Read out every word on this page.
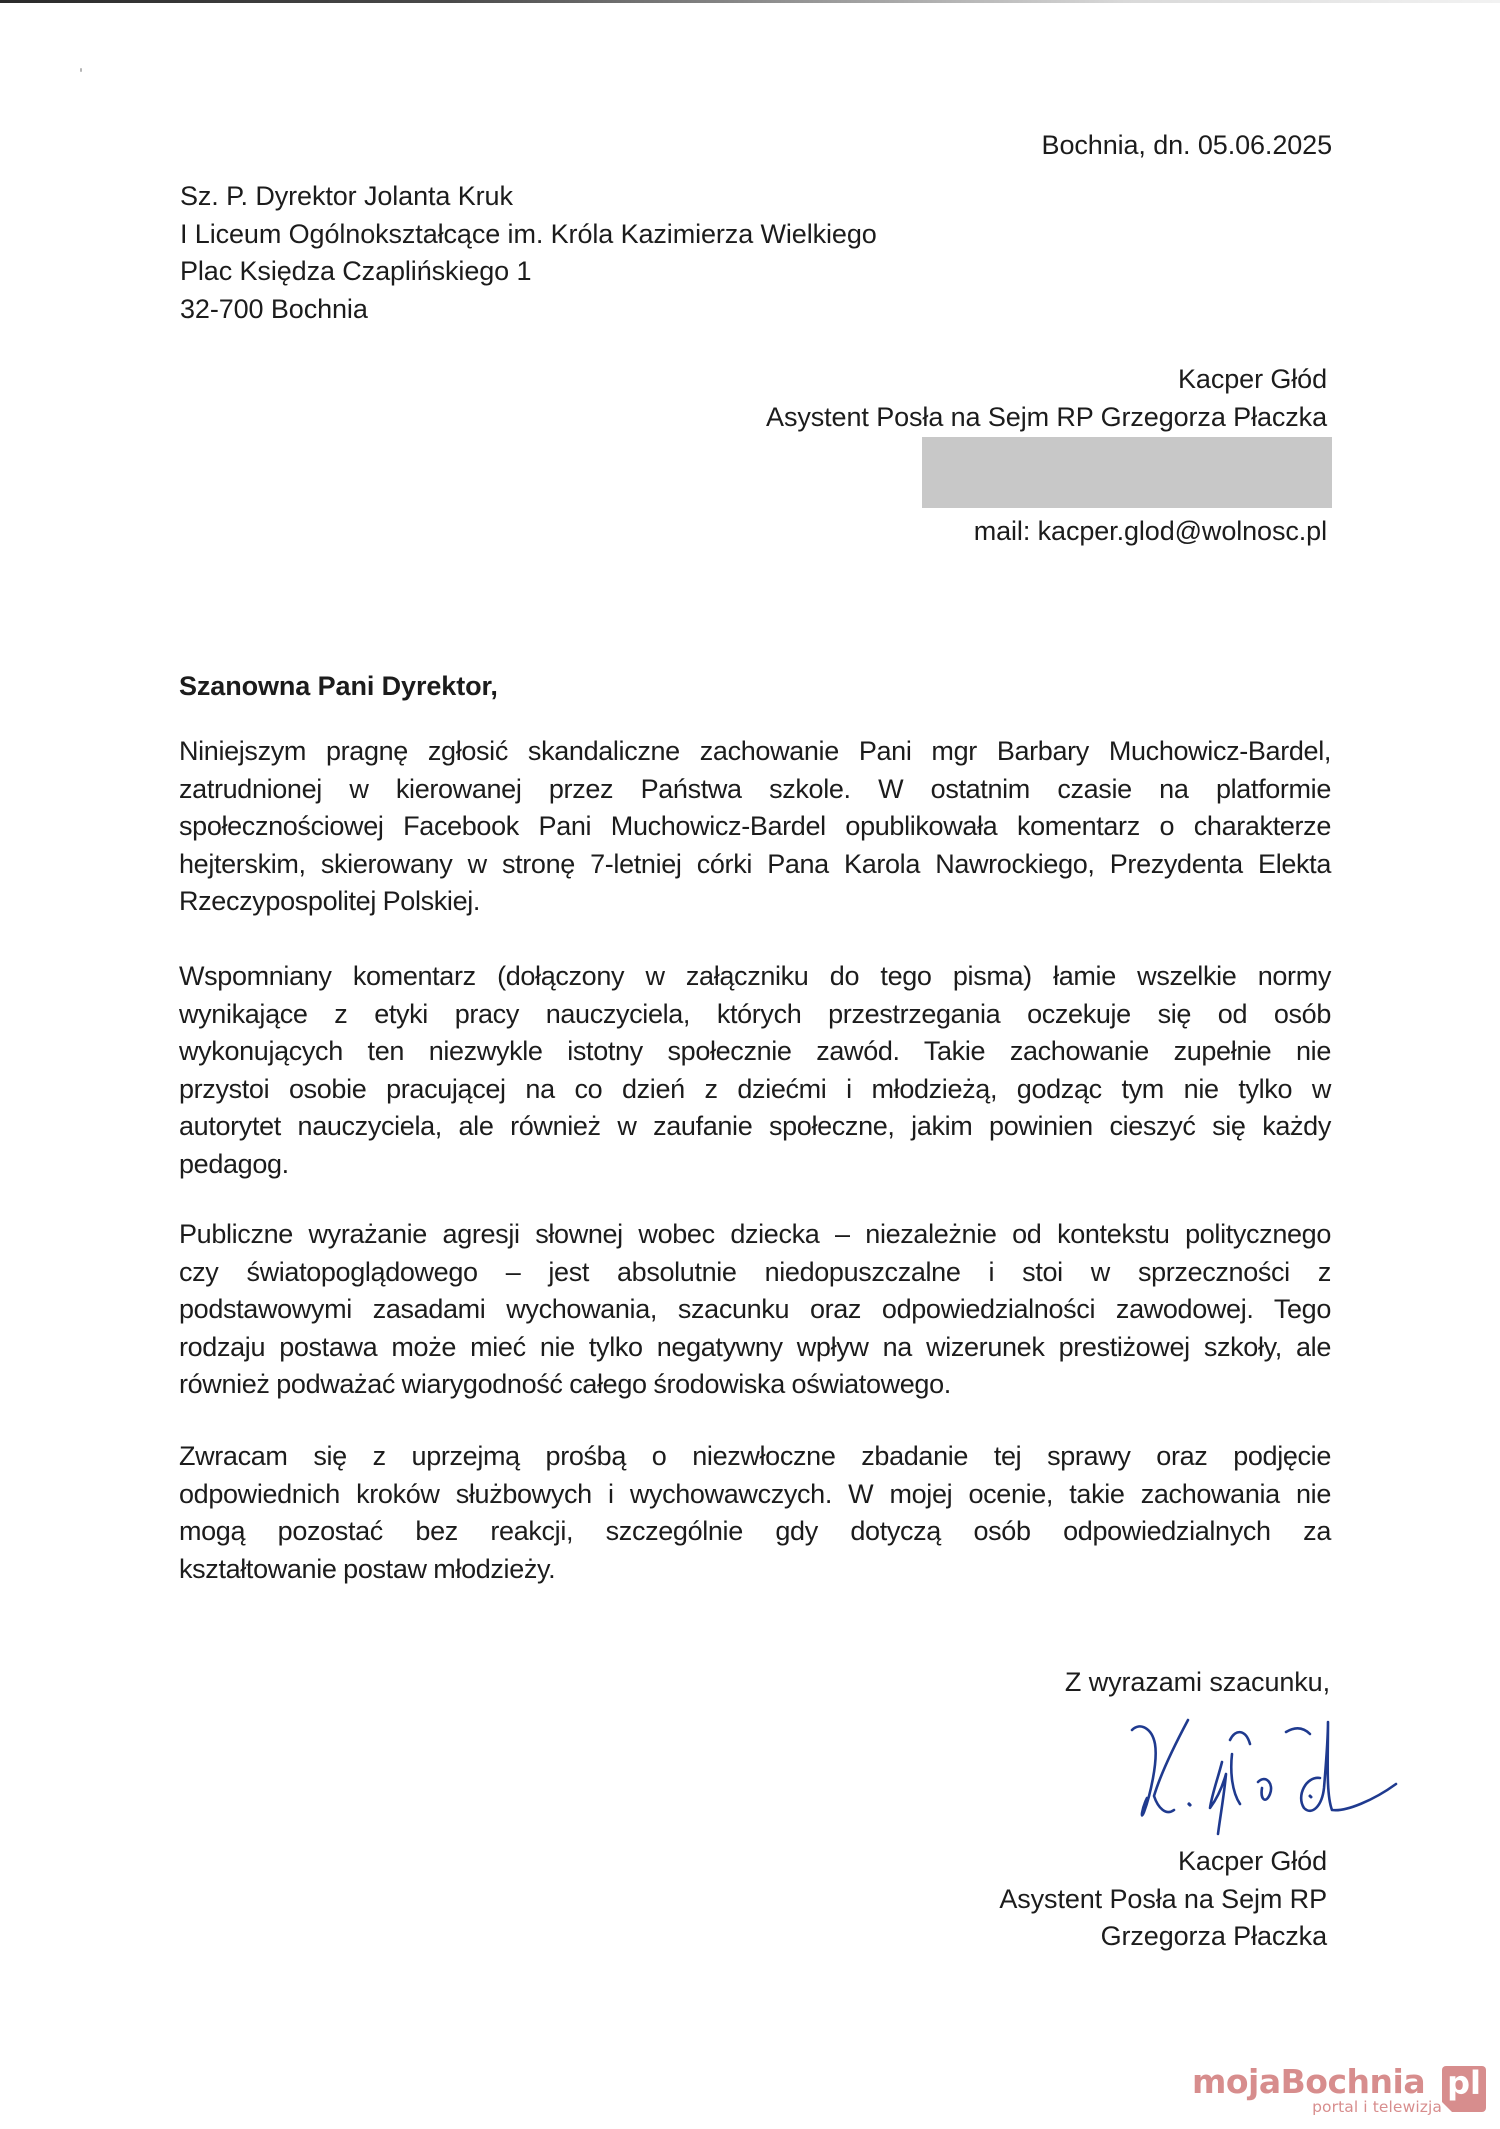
Bochnia, dn. 05.06.2025
Sz. P. Dyrektor Jolanta Kruk
I Liceum Ogólnokształcące im. Króla Kazimierza Wielkiego
Plac Księdza Czaplińskiego 1
32-700 Bochnia
Kacper Głód
Asystent Posła na Sejm RP Grzegorza Płaczka
mail: kacper.glod@wolnosc.pl
Szanowna Pani Dyrektor,
Niniejszym pragnę zgłosić skandaliczne zachowanie Pani mgr Barbary Muchowicz-Bardel,
zatrudnionej w kierowanej przez Państwa szkole. W ostatnim czasie na platformie
społecznościowej Facebook Pani Muchowicz-Bardel opublikowała komentarz o charakterze
hejterskim, skierowany w stronę 7-letniej córki Pana Karola Nawrockiego, Prezydenta Elekta
Rzeczypospolitej Polskiej.
Wspomniany komentarz (dołączony w załączniku do tego pisma) łamie wszelkie normy
wynikające z etyki pracy nauczyciela, których przestrzegania oczekuje się od osób
wykonujących ten niezwykle istotny społecznie zawód. Takie zachowanie zupełnie nie
przystoi osobie pracującej na co dzień z dziećmi i młodzieżą, godząc tym nie tylko w
autorytet nauczyciela, ale również w zaufanie społeczne, jakim powinien cieszyć się każdy
pedagog.
Publiczne wyrażanie agresji słownej wobec dziecka – niezależnie od kontekstu politycznego
czy światopoglądowego – jest absolutnie niedopuszczalne i stoi w sprzeczności z
podstawowymi zasadami wychowania, szacunku oraz odpowiedzialności zawodowej. Tego
rodzaju postawa może mieć nie tylko negatywny wpływ na wizerunek prestiżowej szkoły, ale
również podważać wiarygodność całego środowiska oświatowego.
Zwracam się z uprzejmą prośbą o niezwłoczne zbadanie tej sprawy oraz podjęcie
odpowiednich kroków służbowych i wychowawczych. W mojej ocenie, takie zachowania nie
mogą pozostać bez reakcji, szczególnie gdy dotyczą osób odpowiedzialnych za
kształtowanie postaw młodzieży.
Z wyrazami szacunku,
Kacper Głód
Asystent Posła na Sejm RP
Grzegorza Płaczka
mojaBochnia pl
portal i telewizja
